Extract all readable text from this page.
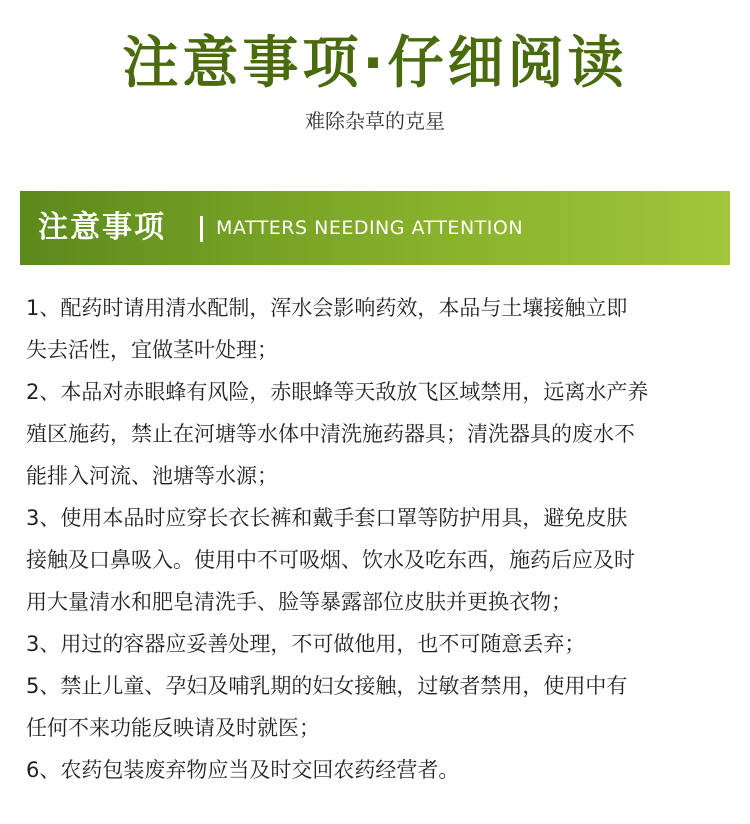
注意事项·仔细阅读
难除杂草的克星
注意事项	MATTERS NEEDING ATTENTION
1、配药时请用清水配制，浑水会影响药效，本品与土壤接触立即
失去活性，宜做茎叶处理；
2、本品对赤眼蜂有风险，赤眼蜂等天敌放飞区域禁用，远离水产养
殖区施药，禁止在河塘等水体中清洗施药器具；清洗器具的废水不
能排入河流、池塘等水源；
3、使用本品时应穿长衣长裤和戴手套口罩等防护用具，避免皮肤
接触及口鼻吸入。使用中不可吸烟、饮水及吃东西，施药后应及时
用大量清水和肥皂清洗手、脸等暴露部位皮肤并更换衣物；
3、用过的容器应妥善处理，不可做他用，也不可随意丢弃；
5、禁止儿童、孕妇及哺乳期的妇女接触，过敏者禁用，使用中有
任何不来功能反映请及时就医；
6、农药包装废弃物应当及时交回农药经营者。
